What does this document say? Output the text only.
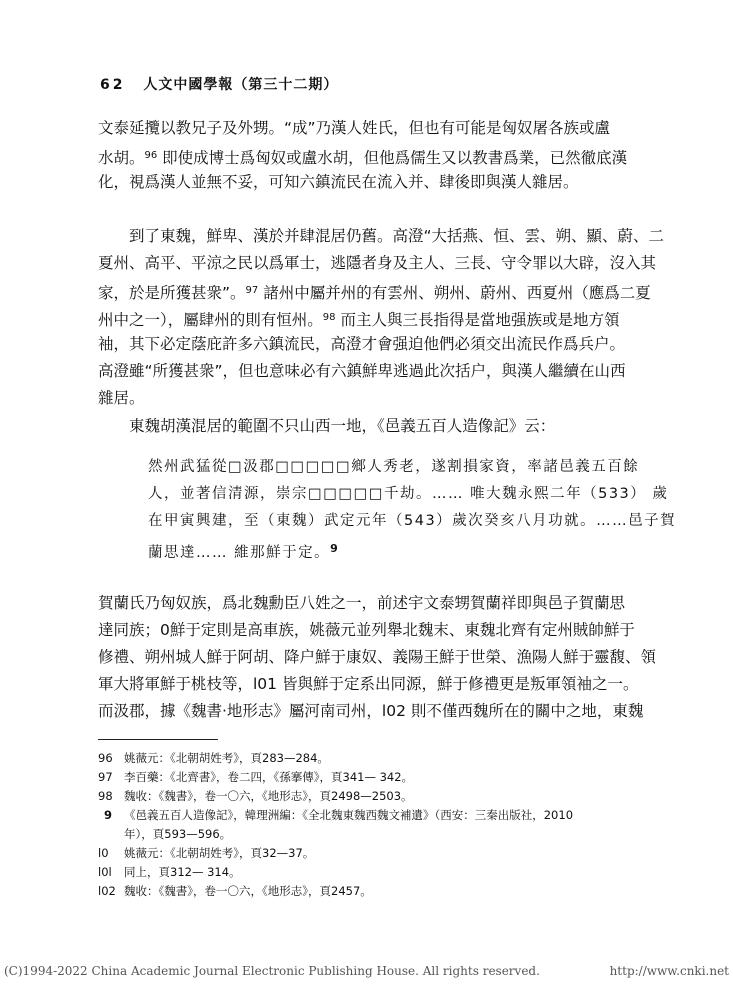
62 人文中國學報（第三十二期）
文泰延攬以教兄子及外甥。“成”乃漢人姓氏，但也有可能是匈奴屠各族或盧
水胡。$^{96}$ 即使成博士爲匈奴或盧水胡，但他爲儒生又以教書爲業，已然徹底漢
化，視爲漢人並無不妥，可知六鎮流民在流入并、肆後即與漢人雜居。
到了東魏，鮮卑、漢於并肆混居仍舊。高澄“大括燕、恒、雲、朔、顯、蔚、二
夏州、高平、平涼之民以爲軍士，逃隱者身及主人、三長、守令罪以大辟，沒入其
家，於是所獲甚衆”。$^{97}$ 諸州中屬并州的有雲州、朔州、蔚州、西夏州（應爲二夏
州中之一），屬肆州的則有恒州。$^{98}$ 而主人與三長指得是當地强族或是地方領
袖，其下必定蔭庇許多六鎮流民，高澄才會强迫他們必須交出流民作爲兵户。
高澄雖“所獲甚衆”，但也意味必有六鎮鮮卑逃過此次括户，與漢人繼續在山西
雜居。
東魏胡漢混居的範圍不只山西一地，《邑義五百人造像記》云：
然州武猛從□汲郡□□□□□鄉人秀老，遂割損家資，率諸邑義五百餘
人，並著信清源，崇宗□□□□□千劫。…… 唯大魏永熙二年（533） 歲
在甲寅興建，至（東魏）武定元年（543）歲次癸亥八月功就。……邑子賀
蘭思達…… 維那鮮于定。$^9$
賀蘭氏乃匈奴族，爲北魏勳臣八姓之一，前述宇文泰甥賀蘭祥即與邑子賀蘭思
達同族；0鮮于定則是高車族，姚薇元並列舉北魏末、東魏北齊有定州賊帥鮮于
修禮、朔州城人鮮于阿胡、降户鮮于康奴、義陽王鮮于世榮、漁陽人鮮于靈馥、領
軍大將軍鮮于桃枝等，l01 皆與鮮于定系出同源，鮮于修禮更是叛軍領袖之一。
而汲郡，據《魏書·地形志》屬河南司州，l02 則不僅西魏所在的關中之地，東魏
96 姚薇元：《北朝胡姓考》，頁283—284。
97 李百藥：《北齊書》，卷二四，《孫搴傳》，頁341— 342。
98 魏收：《魏書》，卷一〇六，《地形志》，頁2498—2503。
9	《邑義五百人造像記》，韓理洲編：《全北魏東魏西魏文補遺》（西安：三秦出版社，2010
年），頁593—596。
l0	姚薇元：《北朝胡姓考》，頁32—37。
l0l	同上，頁312— 314。
l02 魏收：《魏書》，卷一〇六，《地形志》，頁2457。
(C)1994-2022 China Academic Journal Electronic Publishing House. All rights reserved.	http://www.cnki.net
